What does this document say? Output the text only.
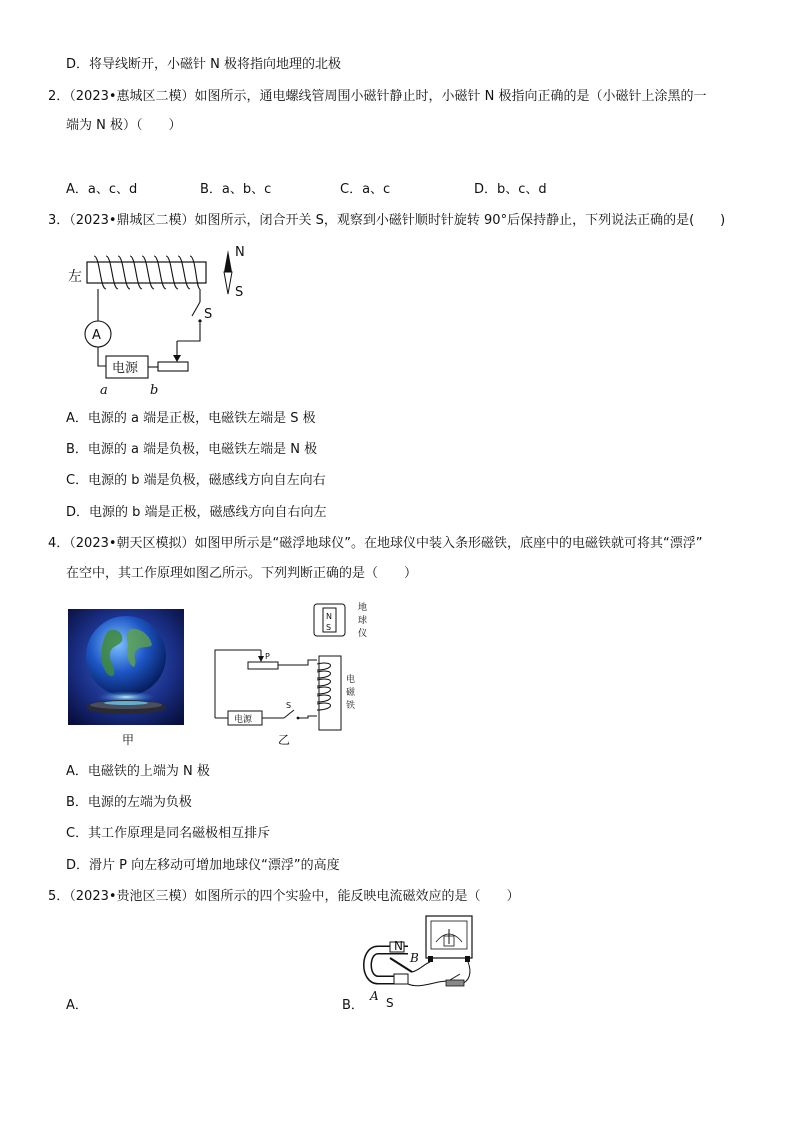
D．将导线断开，小磁针 N 极将指向地理的北极
2．（2023•惠城区二模）如图所示，通电螺线管周围小磁针静止时，小磁针 N 极指向正确的是（小磁针上涂黑的一
端为 N 极）（　　）
A．a、c、d	B．a、b、c	C．a、c	D．b、c、d
3．（2023•鼎城区二模）如图所示，闭合开关 S，观察到小磁针顺时针旋转 90°后保持静止，下列说法正确的是(　　)
左
N
S
A
电源
S
a	b
A．电源的 a 端是正极，电磁铁左端是 S 极
B．电源的 a 端是负极，电磁铁左端是 N 极
C．电源的 b 端是负极，磁感线方向自左向右
D．电源的 b 端是正极，磁感线方向自右向左
4．（2023•朝天区模拟）如图甲所示是“磁浮地球仪”。在地球仪中装入条形磁铁，底座中的电磁铁就可将其“漂浮”
在空中，其工作原理如图乙所示。下列判断正确的是（　　）
甲
N
S
地
球
仪
电
磁
铁
P
电源
S
乙
A．电磁铁的上端为 N 极
B．电源的左端为负极
C．其工作原理是同名磁极相互排斥
D．滑片 P 向左移动可增加地球仪“漂浮”的高度
5．（2023•贵池区三模）如图所示的四个实验中，能反映电流磁效应的是（　　）
A．	B．
N
S
A
B
